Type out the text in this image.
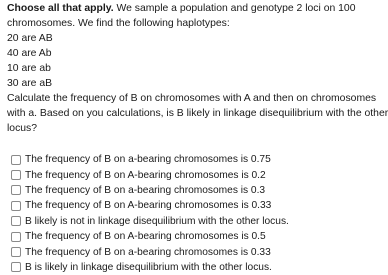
Choose all that apply. We sample a population and genotype 2 loci on 100
chromosomes. We find the following haplotypes:
20 are AB
40 are Ab
10 are ab
30 are aB
Calculate the frequency of B on chromosomes with A and then on chromosomes
with a. Based on you calculations, is B likely in linkage disequilibrium with the other
locus?
The frequency of B on a-bearing chromosomes is 0.75
The frequency of B on A-bearing chromosomes is 0.2
The frequency of B on a-bearing chromosomes is 0.3
The frequency of B on A-bearing chromosomes is 0.33
B likely is not in linkage disequilibrium with the other locus.
The frequency of B on A-bearing chromosomes is 0.5
The frequency of B on a-bearing chromosomes is 0.33
B is likely in linkage disequilibrium with the other locus.
